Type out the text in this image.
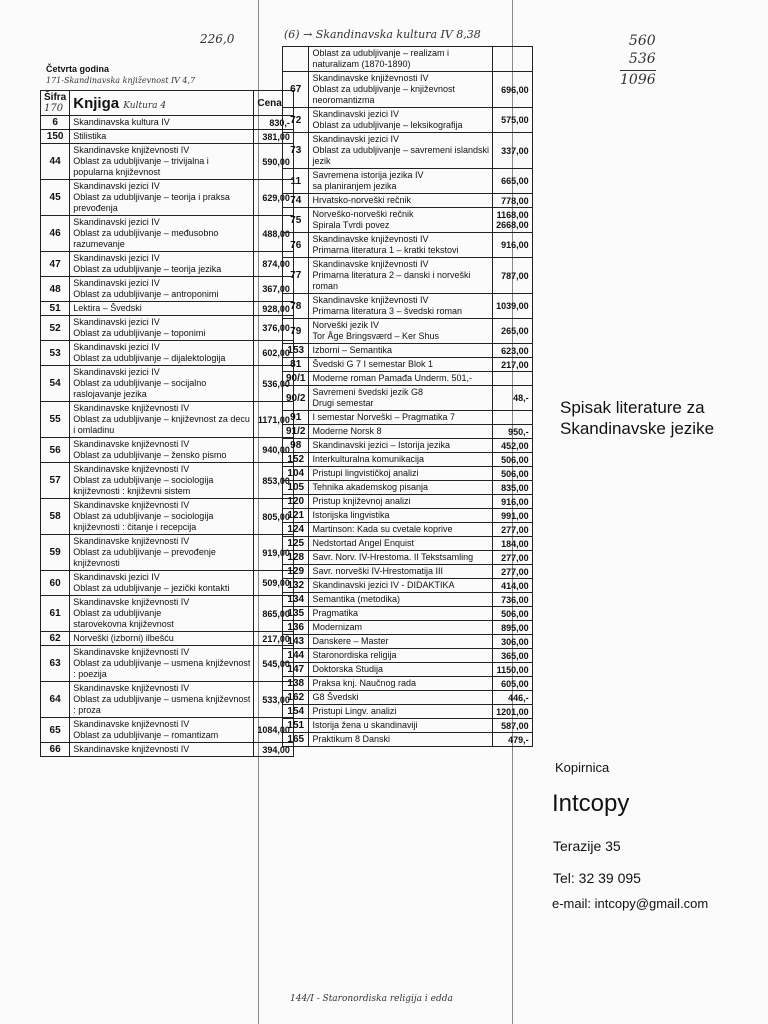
226,0
Četvrta godina
171-Skandinavska književnost IV 4,7
Šifra 170	Knjiga Kultura 4	Cena
6	Skandinavska kultura IV	830,-
150	Stilistika	381,00
44	Skandinavske književnosti IV
Oblast za udubljivanje – trivijalna i
popularna književnost	590,00
45	Skandinavski jezici IV
Oblast za udubljivanje – teorija i praksa
prevođenja	629,00
46	Skandinavski jezici IV
Oblast za udubljivanje – međusobno
razumevanje	488,00
47	Skandinavski jezici IV
Oblast za udubljivanje – teorija jezika	874,00
48	Skandinavski jezici IV
Oblast za udubljivanje – antroponimi	367,00
51	Lektira – Švedski	928,00
52	Skandinavski jezici IV
Oblast za udubljivanje – toponimi	376,00
53	Skandinavski jezici IV
Oblast za udubljivanje – dijalektologija	602,00
54	Skandinavski jezici IV
Oblast za udubljivanje – socijalno
raslojavanje jezika	536,00
55	Skandinavske književnosti IV
Oblast za udubljivanje – književnost za decu
i omladinu	1171,00
56	Skandinavske književnosti IV
Oblast za udubljivanje – žensko pismo	940,00
57	Skandinavske književnosti IV
Oblast za udubljivanje – sociologija
književnosti : književni sistem	853,00
58	Skandinavske književnosti IV
Oblast za udubljivanje – sociologija
književnosti : čitanje i recepcija	805,00
59	Skandinavske književnosti IV
Oblast za udubljivanje – prevođenje
književnosti	919,00
60	Skandinavski jezici IV
Oblast za udubljivanje – jezički kontakti	509,00
61	Skandinavske književnosti IV
Oblast za udubljivanje
starovekovna književnost	865,00
62	Norveški (izborni) ilbešću	217,00
63	Skandinavske književnosti IV
Oblast za udubljivanje – usmena književnost
: poezija	545,00
64	Skandinavske književnosti IV
Oblast za udubljivanje – usmena književnost
: proza	533,00
65	Skandinavske književnosti IV
Oblast za udubljivanje – romantizam	1084,00
66	Skandinavske književnosti IV	394,00
(6) → Skandinavska kultura IV 8,38

	Oblast za udubljivanje – realizam i
naturalizam (1870-1890)	

67	Skandinavske književnosti IV
Oblast za udubljivanje – književnost
neoromantizma	696,00
72	Skandinavski jezici IV
Oblast za udubljivanje – leksikografija	575,00
73	Skandinavski jezici IV
Oblast za udubljivanje – savremeni islandski
jezik	337,00
11	Savremena istorija jezika IV
sa planiranjem jezika	665,00
74	Hrvatsko-norveški rečnik	778,00
75	Norveško-norveški rečnik
Spirala Tvrdi povez	1168,00 2668,00
76	Skandinavske književnosti IV
Primarna literatura 1 – kratki tekstovi	916,00
77	Skandinavske književnosti IV
Primarna literatura 2 – danski i norveški
roman	787,00
78	Skandinavske književnosti IV
Primarna literatura 3 – švedski roman	1039,00
79	Norveški jezik IV
Tor Åge Bringsværd – Ker Shus	265,00
153	Izborni – Semantika	623,00
81	Švedski G 7 I semestar Blok 1	217,00
90/1	Moderne roman Pamađa Underm. 501,-	

90/2	Savremeni švedski jezik G8
Drugi semestar	48,-
91	I semestar Norveški – Pragmatika 7	

91/2	Moderne Norsk 8	950,-
98	Skandinavski jezici – Istorija jezika	452,00
152	Interkulturalna komunikacija	506,00
104	Pristupi lingvističkoj analizi	506,00
105	Tehnika akademskog pisanja	835,00
120	Pristup književnoj analizi	916,00
121	Istorijska lingvistika	991,00
124	Martinson: Kada su cvetale koprive	277,00
125	Nedstortad Angel Enquist	184,00
128	Savr. Norv. IV-Hrestoma. II Tekstsamling	277,00
129	Savr. norveški IV-Hrestomatija III	277,00
132	Skandinavski jezici IV - DIDAKTIKA	414,00
134	Semantika (metodika)	736,00
135	Pragmatika	506,00
136	Modernizam	895,00
143	Danskere – Master	306,00
144	Staronordiska religija	365,00
147	Doktorska Studija	1150,00
138	Praksa knj. Naučnog rada	605,00
162	G8 Švedski	446,-
154	Pristupi Lingv. analizi	1201,00
151	Istorija žena u skandinaviji	587,00
165	Praktikum 8 Danski	479,-
144/I - Staronordiska religija i edda
560
536
1096
Spisak literature za
Skandinavske jezike
Kopirnica
Intcopy
Terazije 35
Tel: 32 39 095
e-mail: intcopy@gmail.com
